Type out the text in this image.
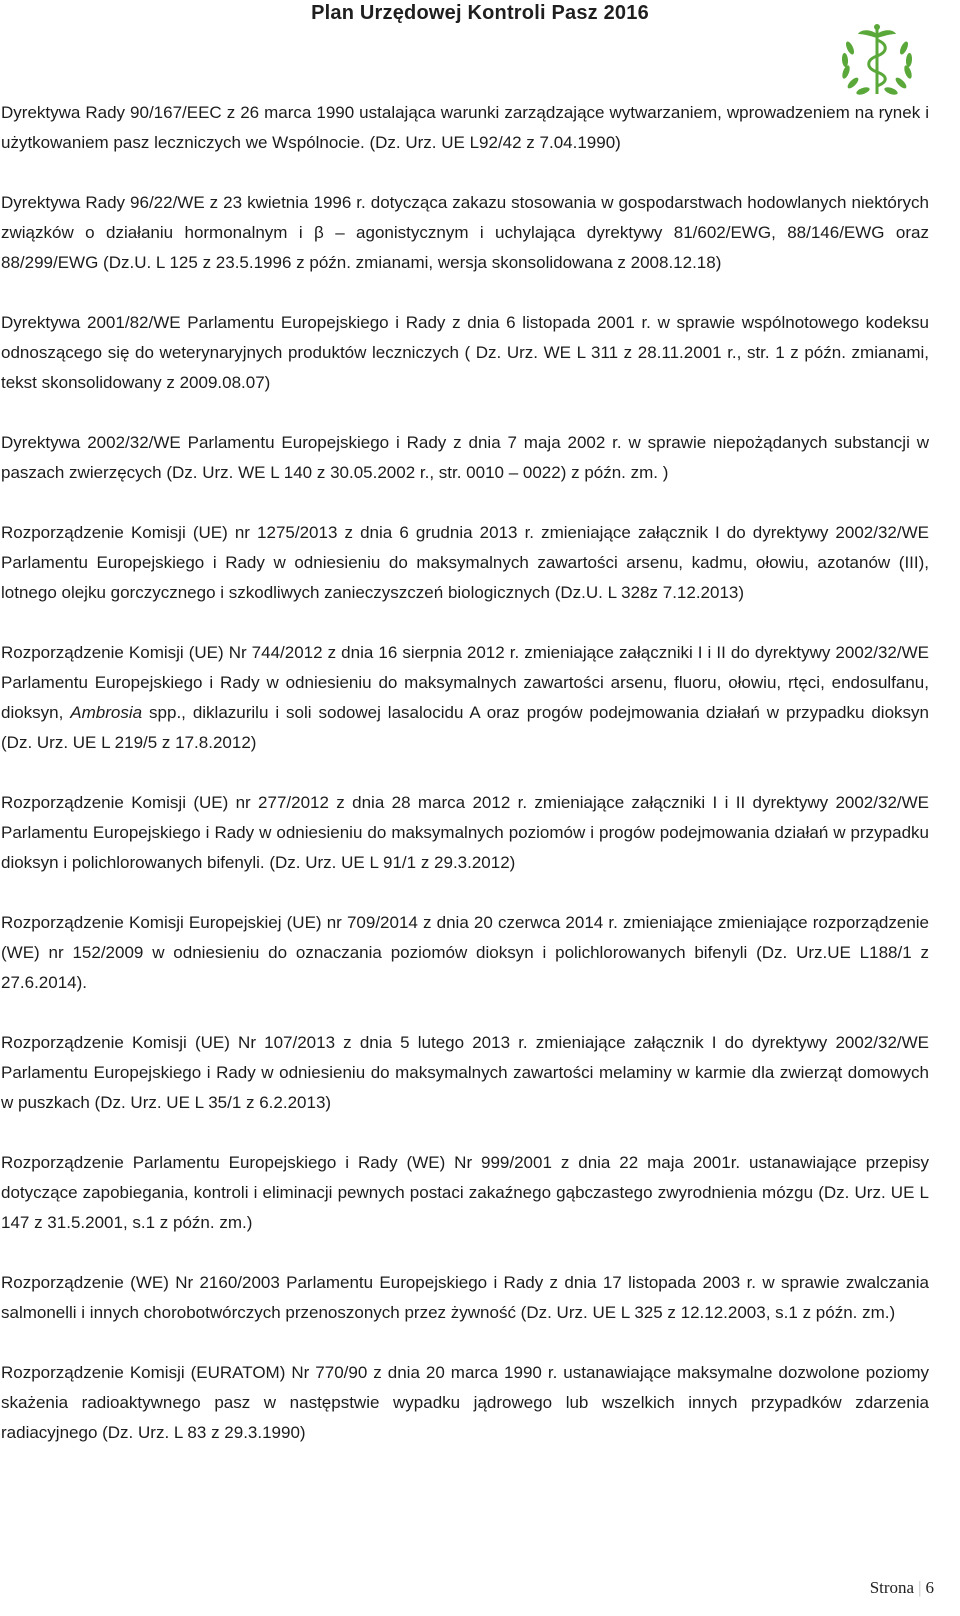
Plan Urzędowej Kontroli Pasz 2016

Dyrektywa Rady 90/167/EEC z 26 marca 1990 ustalająca warunki zarządzające wytwarzaniem, wprowadzeniem na rynek i użytkowaniem pasz leczniczych we Wspólnocie. (Dz. Urz. UE L92/42 z 7.04.1990)

Dyrektywa Rady 96/22/WE z 23 kwietnia 1996 r. dotycząca zakazu stosowania w gospodarstwach hodowlanych niektórych związków o działaniu hormonalnym i β – agonistycznym i uchylająca dyrektywy 81/602/EWG, 88/146/EWG oraz 88/299/EWG (Dz.U. L 125 z 23.5.1996 z późn. zmianami, wersja skonsolidowana z 2008.12.18)

Dyrektywa 2001/82/WE Parlamentu Europejskiego i Rady z dnia 6 listopada 2001 r. w sprawie wspólnotowego kodeksu odnoszącego się do weterynaryjnych produktów leczniczych ( Dz. Urz. WE L 311 z 28.11.2001 r., str. 1 z późn. zmianami, tekst skonsolidowany z 2009.08.07)

Dyrektywa 2002/32/WE Parlamentu Europejskiego i Rady z dnia 7 maja 2002 r. w sprawie niepożądanych substancji w paszach zwierzęcych (Dz. Urz. WE L 140 z 30.05.2002 r., str. 0010 – 0022) z późn. zm. )

Rozporządzenie Komisji (UE) nr 1275/2013 z dnia 6 grudnia 2013 r. zmieniające załącznik I do dyrektywy 2002/32/WE Parlamentu Europejskiego i Rady w odniesieniu do maksymalnych zawartości arsenu, kadmu, ołowiu, azotanów (III), lotnego olejku gorczycznego i szkodliwych zanieczyszczeń biologicznych (Dz.U. L 328z 7.12.2013)

Rozporządzenie Komisji (UE) Nr 744/2012 z dnia 16 sierpnia 2012 r. zmieniające załączniki I i II do dyrektywy 2002/32/WE Parlamentu Europejskiego i Rady w odniesieniu do maksymalnych zawartości arsenu, fluoru, ołowiu, rtęci, endosulfanu, dioksyn, Ambrosia spp., diklazurilu i soli sodowej lasalocidu A oraz progów podejmowania działań w przypadku dioksyn (Dz. Urz. UE L 219/5 z 17.8.2012)

Rozporządzenie Komisji (UE) nr 277/2012 z dnia 28 marca 2012 r. zmieniające załączniki I i II dyrektywy 2002/32/WE Parlamentu Europejskiego i Rady w odniesieniu do maksymalnych poziomów i progów podejmowania działań w przypadku dioksyn i polichlorowanych bifenyli. (Dz. Urz. UE L 91/1 z 29.3.2012)

Rozporządzenie Komisji Europejskiej (UE) nr 709/2014 z dnia 20 czerwca 2014 r. zmieniające zmieniające rozporządzenie (WE) nr 152/2009 w odniesieniu do oznaczania poziomów dioksyn i polichlorowanych bifenyli (Dz. Urz.UE L188/1 z 27.6.2014).

Rozporządzenie Komisji (UE) Nr 107/2013 z dnia 5 lutego 2013 r. zmieniające załącznik I do dyrektywy 2002/32/WE Parlamentu Europejskiego i Rady w odniesieniu do maksymalnych zawartości melaminy w karmie dla zwierząt domowych w puszkach (Dz. Urz. UE L 35/1 z 6.2.2013)

Rozporządzenie Parlamentu Europejskiego i Rady (WE) Nr 999/2001 z dnia 22 maja 2001r. ustanawiające przepisy dotyczące zapobiegania, kontroli i eliminacji pewnych postaci zakaźnego gąbczastego zwyrodnienia mózgu (Dz. Urz. UE L 147 z 31.5.2001, s.1 z późn. zm.)

Rozporządzenie (WE) Nr 2160/2003 Parlamentu Europejskiego i Rady z dnia 17 listopada 2003 r. w sprawie zwalczania salmonelli i innych chorobotwórczych przenoszonych przez żywność (Dz. Urz. UE L 325 z 12.12.2003, s.1 z późn. zm.)

Rozporządzenie Komisji (EURATOM) Nr 770/90 z dnia 20 marca 1990 r. ustanawiające maksymalne dozwolone poziomy skażenia radioaktywnego pasz w następstwie wypadku jądrowego lub wszelkich innych przypadków zdarzenia radiacyjnego (Dz. Urz. L 83 z 29.3.1990)

Strona | 6
